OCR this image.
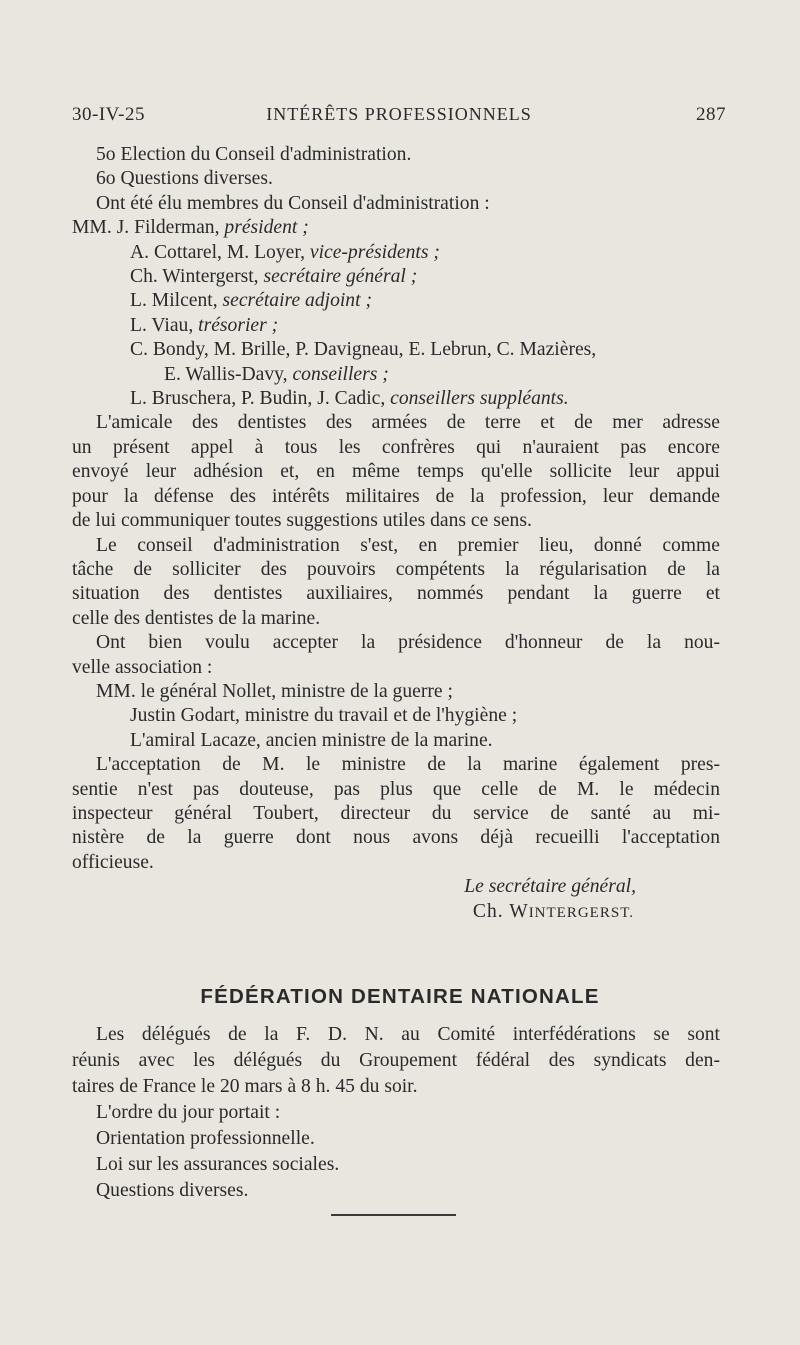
30-IV-25	INTÉRÊTS PROFESSIONNELS	287

5o Election du Conseil d'administration.

6o Questions diverses.

Ont été élu membres du Conseil d'administration :

MM. J. Filderman, président ;

A. Cottarel, M. Loyer, vice-présidents ;

Ch. Wintergerst, secrétaire général ;

L. Milcent, secrétaire adjoint ;

L. Viau, trésorier ;

C. Bondy, M. Brille, P. Davigneau, E. Lebrun, C. Mazières,

E. Wallis-Davy, conseillers ;

L. Bruschera, P. Budin, J. Cadic, conseillers suppléants.

L'amicale des dentistes des armées de terre et de mer adresse

un présent appel à tous les confrères qui n'auraient pas encore

envoyé leur adhésion et, en même temps qu'elle sollicite leur appui

pour la défense des intérêts militaires de la profession, leur demande

de lui communiquer toutes suggestions utiles dans ce sens.

Le conseil d'administration s'est, en premier lieu, donné comme

tâche de solliciter des pouvoirs compétents la régularisation de la

situation des dentistes auxiliaires, nommés pendant la guerre et

celle des dentistes de la marine.

Ont bien voulu accepter la présidence d'honneur de la nou-

velle association :

MM. le général Nollet, ministre de la guerre ;

Justin Godart, ministre du travail et de l'hygiène ;

L'amiral Lacaze, ancien ministre de la marine.

L'acceptation de M. le ministre de la marine également pres-

sentie n'est pas douteuse, pas plus que celle de M. le médecin

inspecteur général Toubert, directeur du service de santé au mi-

nistère de la guerre dont nous avons déjà recueilli l'acceptation

officieuse.

Le secrétaire général,

Ch. WINTERGERST.

FÉDÉRATION DENTAIRE NATIONALE

Les délégués de la F. D. N. au Comité interfédérations se sont

réunis avec les délégués du Groupement fédéral des syndicats den-

taires de France le 20 mars à 8 h. 45 du soir.

L'ordre du jour portait :

Orientation professionnelle.

Loi sur les assurances sociales.

Questions diverses.
